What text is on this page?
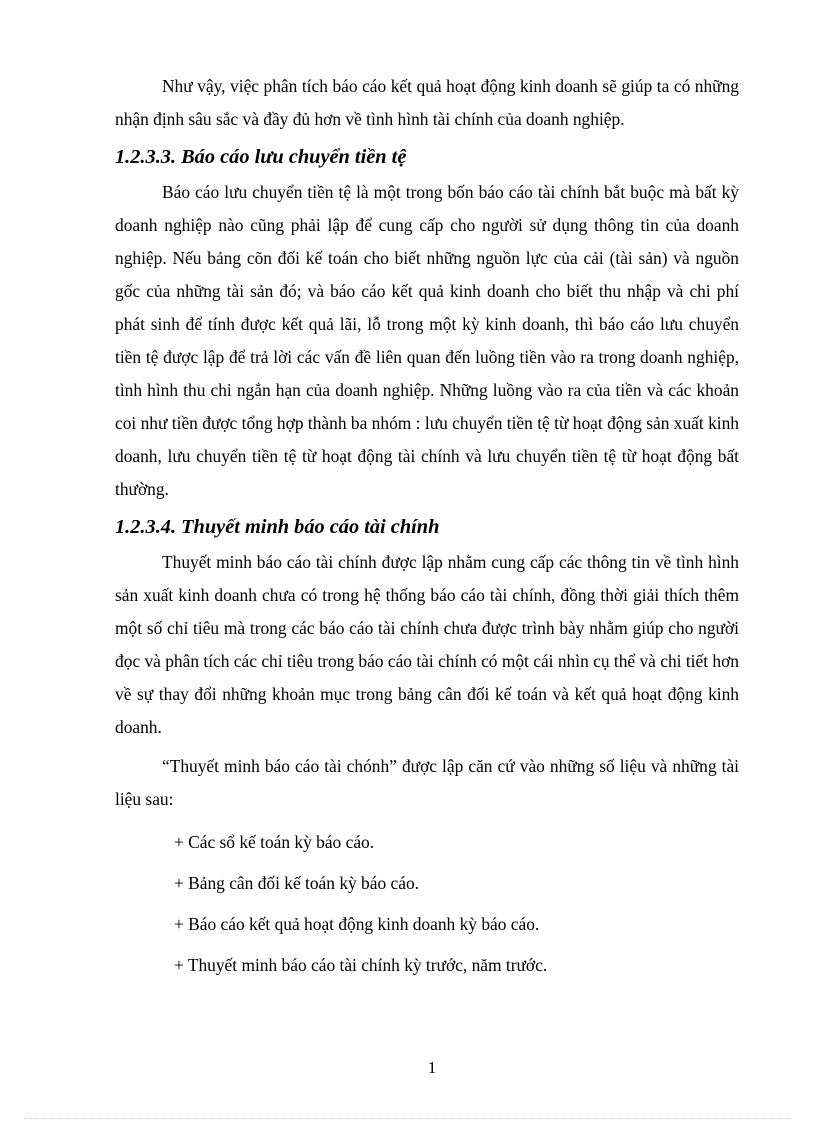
Như vậy, việc phân tích báo cáo kết quả hoạt động kinh doanh sẽ giúp ta có những nhận định sâu sắc và đầy đủ hơn về tình hình tài chính của doanh nghiệp.

1.2.3.3. Báo cáo lưu chuyển tiền tệ

Báo cáo lưu chuyển tiền tệ là một trong bốn báo cáo tài chính bắt buộc mà bất kỳ doanh nghiệp nào cũng phải lập để cung cấp cho người sử dụng thông tin của doanh nghiệp. Nếu bảng cõn đối kế toán cho biết những nguồn lực của cải (tài sản) và nguồn gốc của những tài sản đó; và báo cáo kết quả kinh doanh cho biết thu nhập và chi phí phát sinh để tính được kết quả lãi, lỗ trong một kỳ kinh doanh, thì báo cáo lưu chuyển tiền tệ được lập để trả lời các vấn đề liên quan đến luồng tiền vào ra trong doanh nghiệp, tình hình thu chi ngắn hạn của doanh nghiệp. Những luồng vào ra của tiền và các khoản coi như tiền được tổng hợp thành ba nhóm : lưu chuyển tiền tệ từ hoạt động sản xuất kinh doanh, lưu chuyển tiền tệ từ hoạt động tài chính và lưu chuyển tiền tệ từ hoạt động bất thường.

1.2.3.4. Thuyết minh báo cáo tài chính

Thuyết minh báo cáo tài chính được lập nhằm cung cấp các thông tin về tình hình sản xuất kinh doanh chưa có trong hệ thống báo cáo tài chính, đồng thời giải thích thêm một số chỉ tiêu mà trong các báo cáo tài chính chưa được trình bày nhằm giúp cho người đọc và phân tích các chỉ tiêu trong báo cáo tài chính có một cái nhìn cụ thể và chi tiết hơn về sự thay đổi những khoản mục trong bảng cân đối kế toán và kết quả hoạt động kinh doanh.

“Thuyết minh báo cáo tài chónh” được lập căn cứ vào những số liệu và những tài liệu sau:

+ Các sổ kế toán kỳ báo cáo.

+ Bảng cân đối kế toán kỳ báo cáo.

+ Báo cáo kết quả hoạt động kinh doanh kỳ báo cáo.

+ Thuyết minh báo cáo tài chính kỳ trước, năm trước.

1
